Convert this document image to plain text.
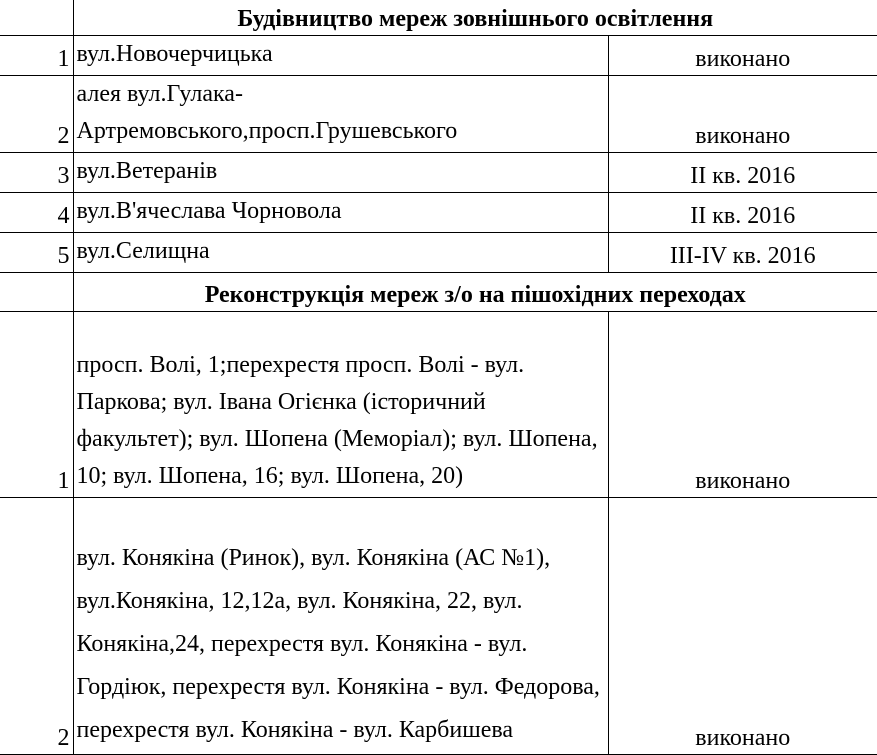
	Будівництво мереж зовнішнього освітлення	
1	вул.Новочерчицька	виконано
2	алея вул.Гулака-Артремовського,просп.Грушевського	виконано
3	вул.Ветеранів	ІІ кв. 2016
4	вул.В'ячеслава Чорновола	ІІ кв. 2016
5	вул.Селищна	ІІІ-IV кв. 2016
	Реконструкція мереж з/о на пішохідних переходах	
1	просп. Волі, 1;перехрестя просп. Волі - вул. Паркова; вул. Івана Огієнка (історичний факультет); вул. Шопена (Меморіал); вул. Шопена, 10; вул. Шопена, 16; вул. Шопена, 20)	виконано
2	вул. Конякіна (Ринок), вул. Конякіна (АС №1), вул.Конякіна, 12,12а, вул. Конякіна, 22, вул. Конякіна,24, перехрестя вул. Конякіна - вул. Гордіюк, перехрестя вул. Конякіна - вул. Федорова, перехрестя вул. Конякіна - вул. Карбишева	виконано
